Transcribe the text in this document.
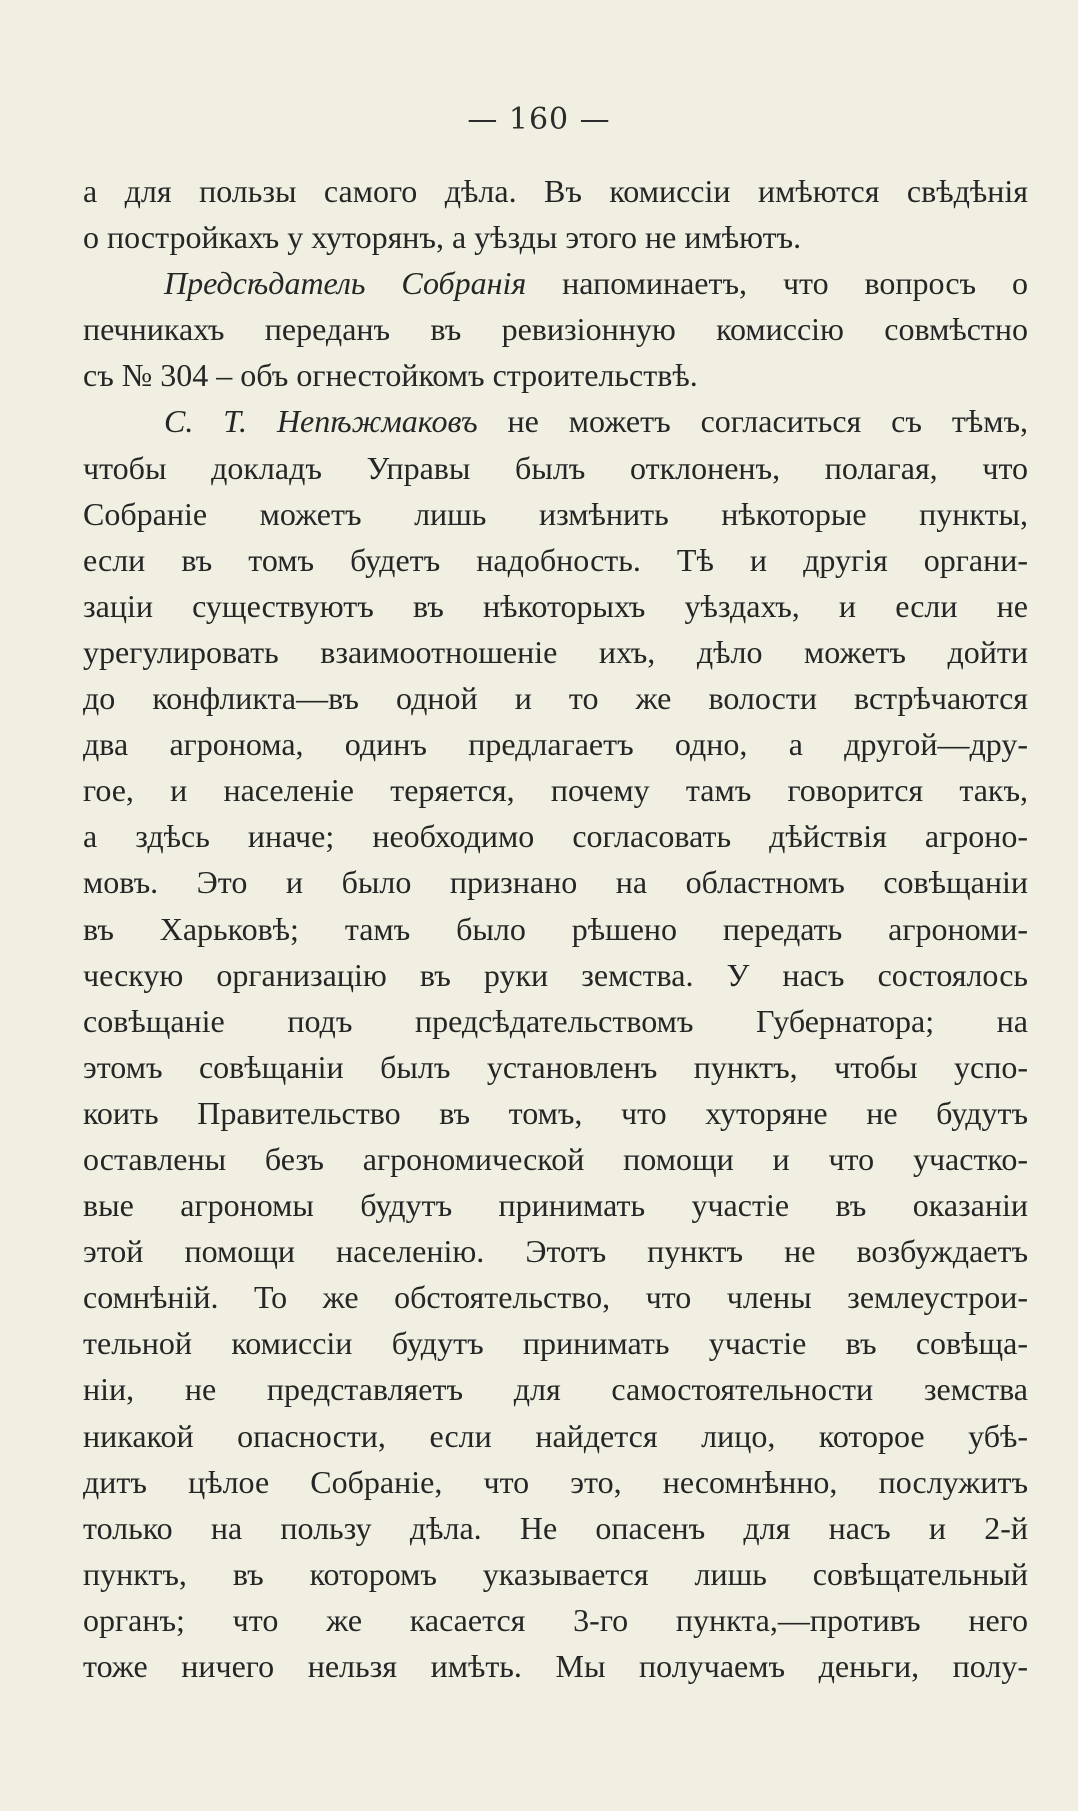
— 160 —
а для пользы самого дѣла. Въ комиссіи имѣются свѣдѣнія
о постройкахъ у хуторянъ, а уѣзды этого не имѣютъ.
Предсѣдатель Собранія напоминаетъ, что вопросъ о
печникахъ переданъ въ ревизіонную комиссію совмѣстно
съ № 304 – объ огнестойкомъ строительствѣ.
С. Т. Непѣжмаковъ не можетъ согласиться съ тѣмъ,
чтобы докладъ Управы былъ отклоненъ, полагая, что
Собраніе можетъ лишь измѣнить нѣкоторые пункты,
если въ томъ будетъ надобность. Тѣ и другія органи-
заціи существуютъ въ нѣкоторыхъ уѣздахъ, и если не
урегулировать взаимоотношеніе ихъ, дѣло можетъ дойти
до конфликта—въ одной и то же волости встрѣчаются
два агронома, одинъ предлагаетъ одно, а другой—дру-
гое, и населеніе теряется, почему тамъ говорится такъ,
а здѣсь иначе; необходимо согласовать дѣйствія агроно-
мовъ. Это и было признано на областномъ совѣщаніи
въ Харьковѣ; тамъ было рѣшено передать агрономи-
ческую организацію въ руки земства. У насъ состоялось
совѣщаніе подъ предсѣдательствомъ Губернатора; на
этомъ совѣщаніи былъ установленъ пунктъ, чтобы успо-
коить Правительство въ томъ, что хуторяне не будутъ
оставлены безъ агрономической помощи и что участко-
вые агрономы будутъ принимать участіе въ оказаніи
этой помощи населенію. Этотъ пунктъ не возбуждаетъ
сомнѣній. То же обстоятельство, что члены землеустрои-
тельной комиссіи будутъ принимать участіе въ совѣща-
ніи, не представляетъ для самостоятельности земства
никакой опасности, если найдется лицо, которое убѣ-
дитъ цѣлое Собраніе, что это, несомнѣнно, послужитъ
только на пользу дѣла. Не опасенъ для насъ и 2-й
пунктъ, въ которомъ указывается лишь совѣщательный
органъ; что же касается 3-го пункта,—противъ него
тоже ничего нельзя имѣть. Мы получаемъ деньги, полу-
